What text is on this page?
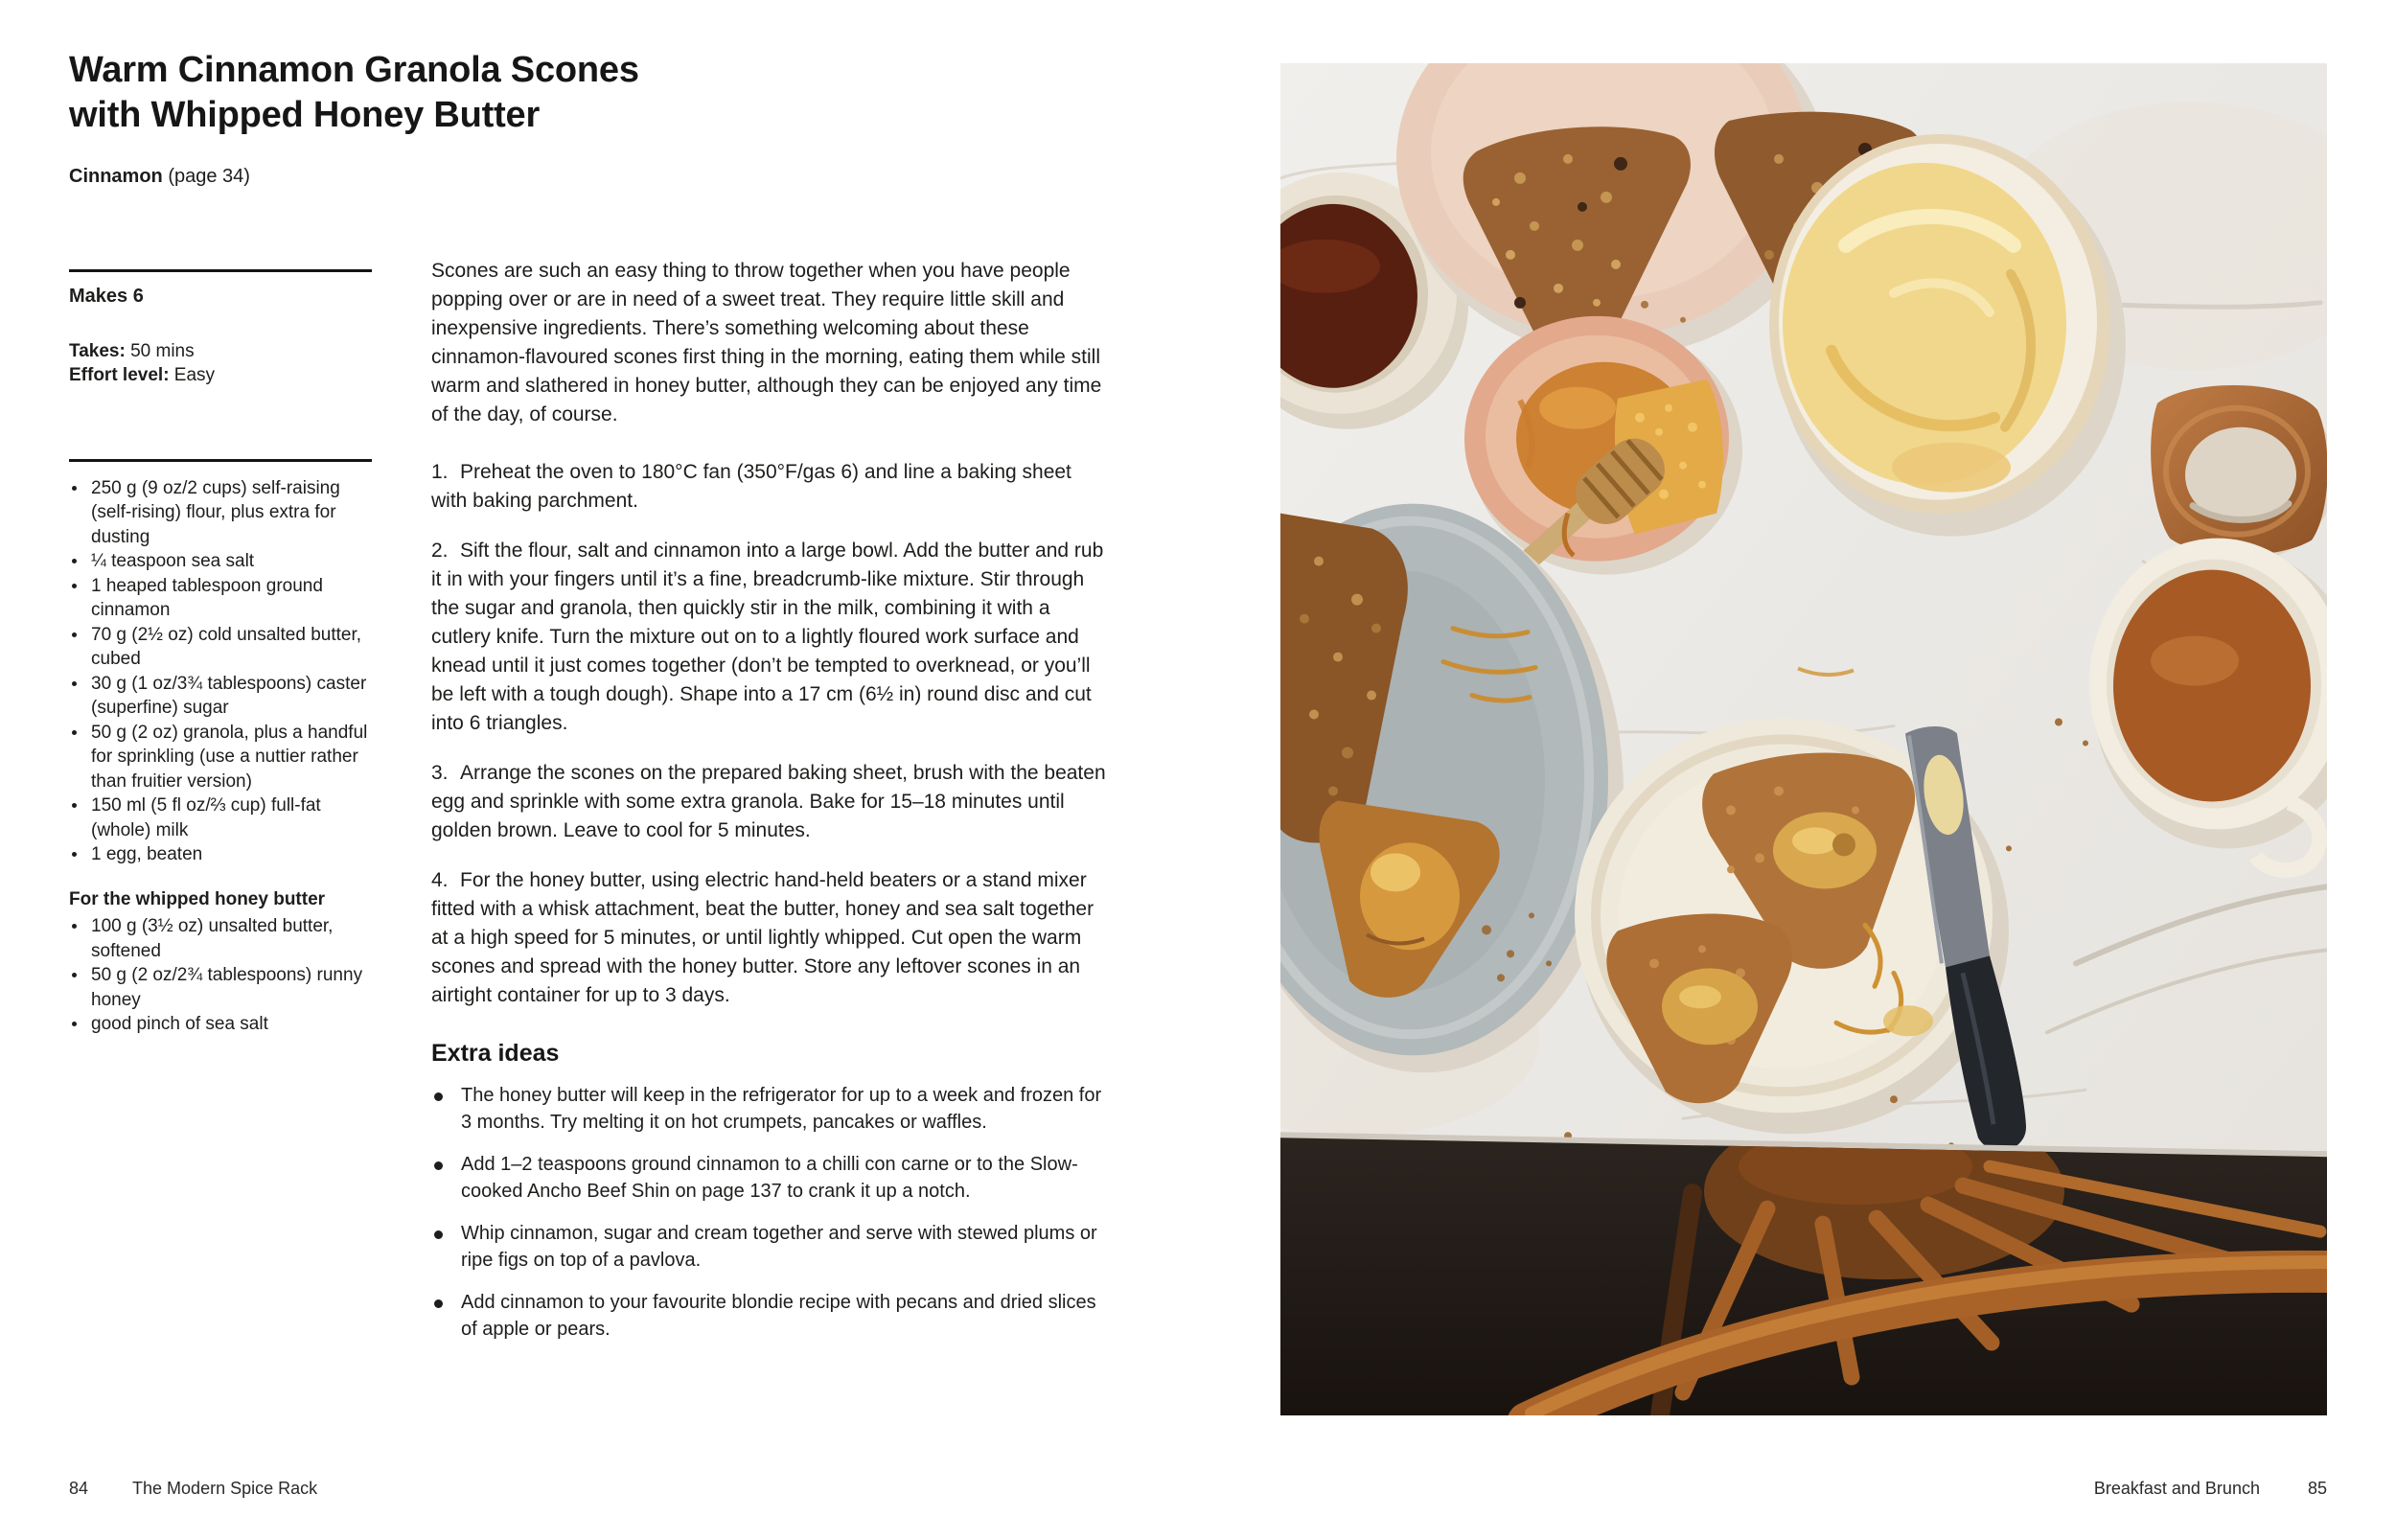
Warm Cinnamon Granola Scones
with Whipped Honey Butter

Cinnamon (page 34)

Makes 6

Takes: 50 mins
Effort level: Easy
250 g (9 oz/2 cups) self-raising (self-rising) flour, plus extra for dusting
¼ teaspoon sea salt
1 heaped tablespoon ground cinnamon
70 g (2½ oz) cold unsalted butter, cubed
30 g (1 oz/3¾ tablespoons) caster (superfine) sugar
50 g (2 oz) granola, plus a handful for sprinkling (use a nuttier rather than fruitier version)
150 ml (5 fl oz/⅔ cup) full-fat (whole) milk
1 egg, beaten

For the whipped honey butter

100 g (3½ oz) unsalted butter, softened
50 g (2 oz/2¾ tablespoons) runny honey
good pinch of sea salt

Scones are such an easy thing to throw together when you have people popping over or are in need of a sweet treat. They require little skill and inexpensive ingredients. There’s something welcoming about these cinnamon-flavoured scones first thing in the morning, eating them while still warm and slathered in honey butter, although they can be enjoyed any time of the day, of course.

1. Preheat the oven to 180°C fan (350°F/gas 6) and line a baking sheet with baking parchment.

2. Sift the flour, salt and cinnamon into a large bowl. Add the butter and rub it in with your fingers until it’s a fine, breadcrumb-like mixture. Stir through the sugar and granola, then quickly stir in the milk, combining it with a cutlery knife. Turn the mixture out on to a lightly floured work surface and knead until it just comes together (don’t be tempted to overknead, or you’ll be left with a tough dough). Shape into a 17 cm (6½ in) round disc and cut into 6 triangles.

3. Arrange the scones on the prepared baking sheet, brush with the beaten egg and sprinkle with some extra granola. Bake for 15–18 minutes until golden brown. Leave to cool for 5 minutes.

4. For the honey butter, using electric hand-held beaters or a stand mixer fitted with a whisk attachment, beat the butter, honey and sea salt together at a high speed for 5 minutes, or until lightly whipped. Cut open the warm scones and spread with the honey butter. Store any leftover scones in an airtight container for up to 3 days.

Extra ideas
The honey butter will keep in the refrigerator for up to a week and frozen for 3 months. Try melting it on hot crumpets, pancakes or waffles.
Add 1–2 teaspoons ground cinnamon to a chilli con carne or to the Slow-cooked Ancho Beef Shin on page 137 to crank it up a notch.
Whip cinnamon, sugar and cream together and serve with stewed plums or ripe figs on top of a pavlova.
Add cinnamon to your favourite blondie recipe with pecans and dried slices of apple or pears.
84	The Modern Spice Rack	Breakfast and Brunch	85
